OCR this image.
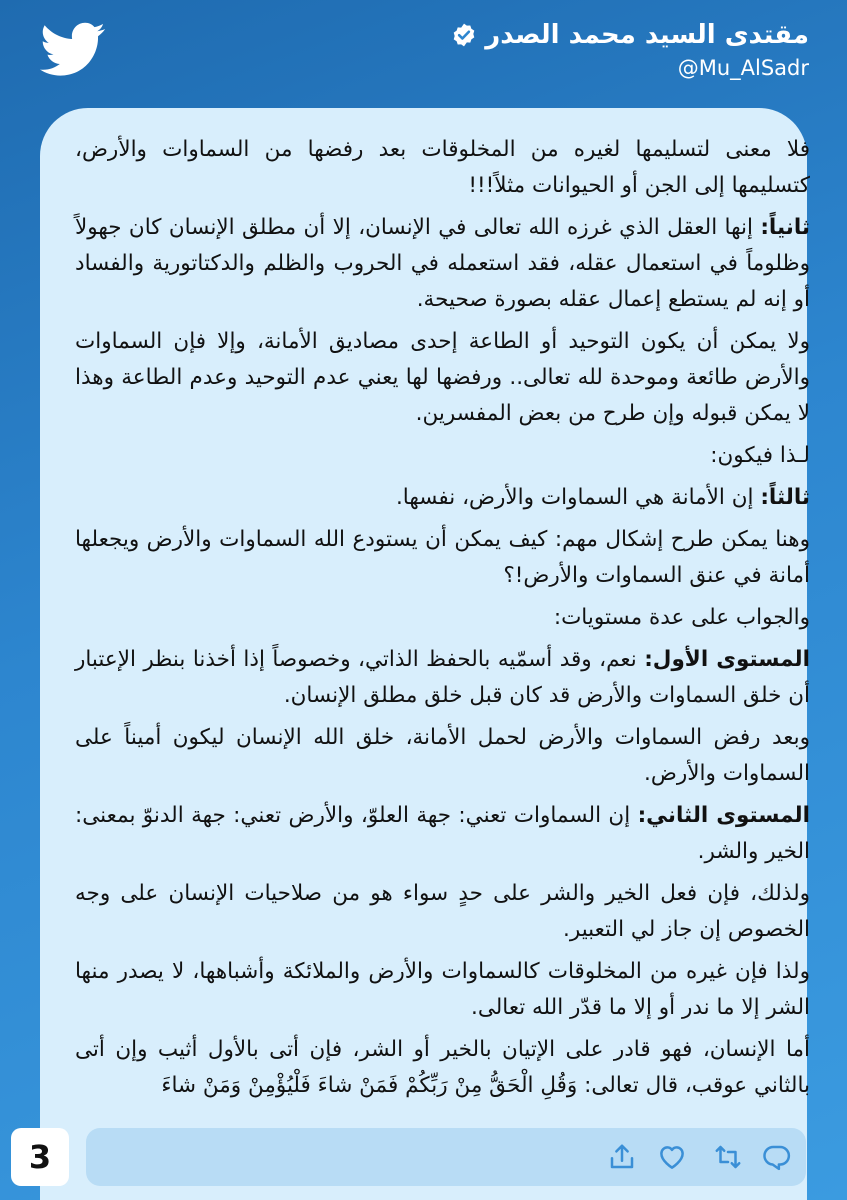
مقتدى السيد محمد الصدر
@Mu_AlSadr

فلا معنى لتسليمها لغيره من المخلوقات بعد رفضها من السماوات والأرض، كتسليمها إلى الجن أو الحيوانات مثلاً!!!

ثانياً: إنها العقل الذي غرزه الله تعالى في الإنسان، إلا أن مطلق الإنسان كان جهولاً وظلوماً في استعمال عقله، فقد استعمله في الحروب والظلم والدكتاتورية والفساد أو إنه لم يستطع إعمال عقله بصورة صحيحة.

ولا يمكن أن يكون التوحيد أو الطاعة إحدى مصاديق الأمانة، وإلا فإن السماوات والأرض طائعة وموحدة لله تعالى.. ورفضها لها يعني عدم التوحيد وعدم الطاعة وهذا لا يمكن قبوله وإن طرح من بعض المفسرين.

لـذا فيكون:

ثالثاً: إن الأمانة هي السماوات والأرض، نفسها.

وهنا يمكن طرح إشكال مهم: كيف يمكن أن يستودع الله السماوات والأرض ويجعلها أمانة في عنق السماوات والأرض!؟

والجواب على عدة مستويات:

المستوى الأول: نعم، وقد أسمّيه بالحفظ الذاتي، وخصوصاً إذا أخذنا بنظر الإعتبار أن خلق السماوات والأرض قد كان قبل خلق مطلق الإنسان.

وبعد رفض السماوات والأرض لحمل الأمانة، خلق الله الإنسان ليكون أميناً على السماوات والأرض.

المستوى الثاني: إن السماوات تعني: جهة العلوّ، والأرض تعني: جهة الدنوّ بمعنى: الخير والشر.

ولذلك، فإن فعل الخير والشر على حدٍ سواء هو من صلاحيات الإنسان على وجه الخصوص إن جاز لي التعبير.

ولذا فإن غيره من المخلوقات كالسماوات والأرض والملائكة وأشباهها، لا يصدر منها الشر إلا ما ندر أو إلا ما قدّر الله تعالى.

أما الإنسان، فهو قادر على الإتيان بالخير أو الشر، فإن أتى بالأول أثيب وإن أتى بالثاني عوقب، قال تعالى: وَقُلِ الْحَقُّ مِنْ رَبِّكُمْ فَمَنْ شاءَ فَلْيُؤْمِنْ وَمَنْ شاءَ

3
